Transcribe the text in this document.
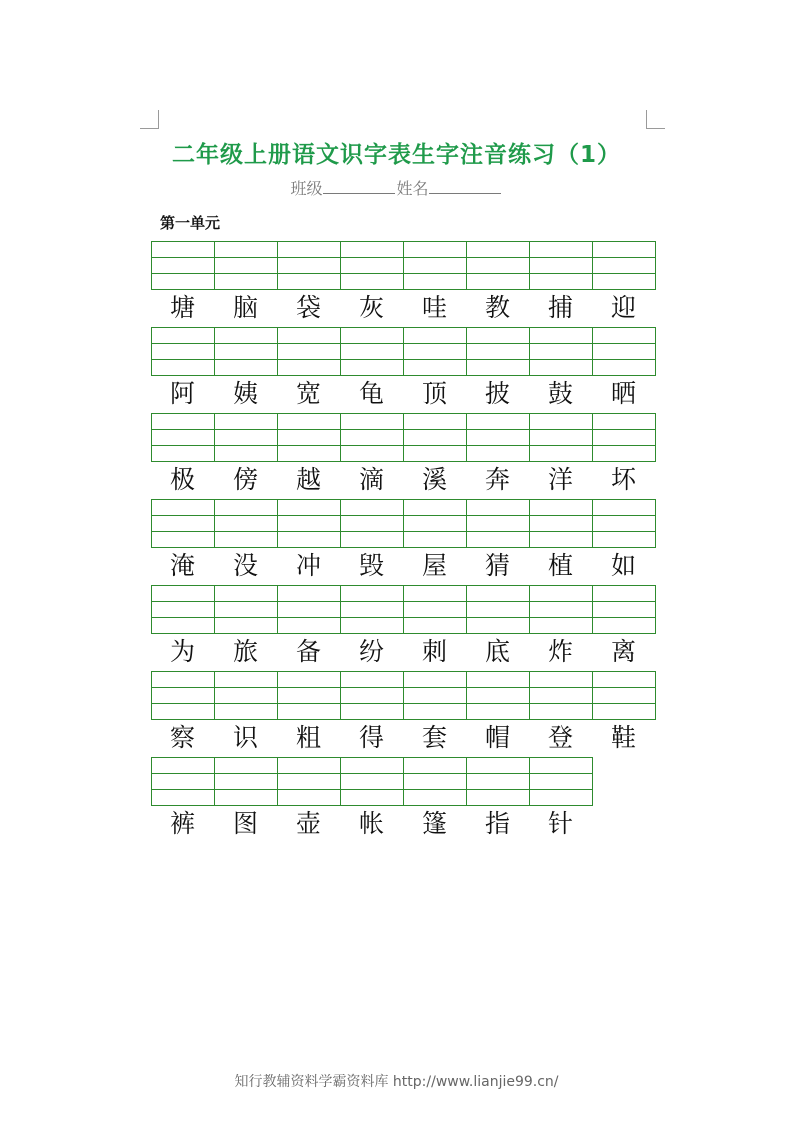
二年级上册语文识字表生字注音练习（1）
班级	姓名
第一单元

塘	脑	袋	灰	哇	教	捕	迎

阿	姨	宽	龟	顶	披	鼓	晒

极	傍	越	滴	溪	奔	洋	坏

淹	没	冲	毁	屋	猜	植	如

为	旅	备	纷	刺	底	炸	离

察	识	粗	得	套	帽	登	鞋

裤	图	壶	帐	篷	指	针
知行教辅资料学霸资料库 http://www.lianjie99.cn/
